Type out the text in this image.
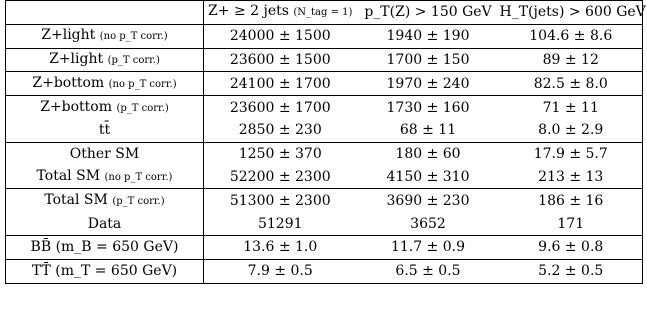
	Z+ ≥ 2 jets (N_tag = 1)	p_T(Z) > 150 GeV	H_T(jets) > 600 GeV
Z+light (no p_T corr.)	24000 ± 1500	1940 ± 190	104.6 ± 8.6
Z+light (p_T corr.)	23600 ± 1500	1700 ± 150	89 ± 12
Z+bottom (no p_T corr.)	24100 ± 1700	1970 ± 240	82.5 ± 8.0
Z+bottom (p_T corr.)	23600 ± 1700	1730 ± 160	71 ± 11
tt̄	2850 ± 230	68 ± 11	8.0 ± 2.9
Other SM	1250 ± 370	180 ± 60	17.9 ± 5.7
Total SM (no p_T corr.)	52200 ± 2300	4150 ± 310	213 ± 13
Total SM (p_T corr.)	51300 ± 2300	3690 ± 230	186 ± 16
Data	51291	3652	171
BB̄ (m_B = 650 GeV)	13.6 ± 1.0	11.7 ± 0.9	9.6 ± 0.8
TT̄ (m_T = 650 GeV)	7.9 ± 0.5	6.5 ± 0.5	5.2 ± 0.5
